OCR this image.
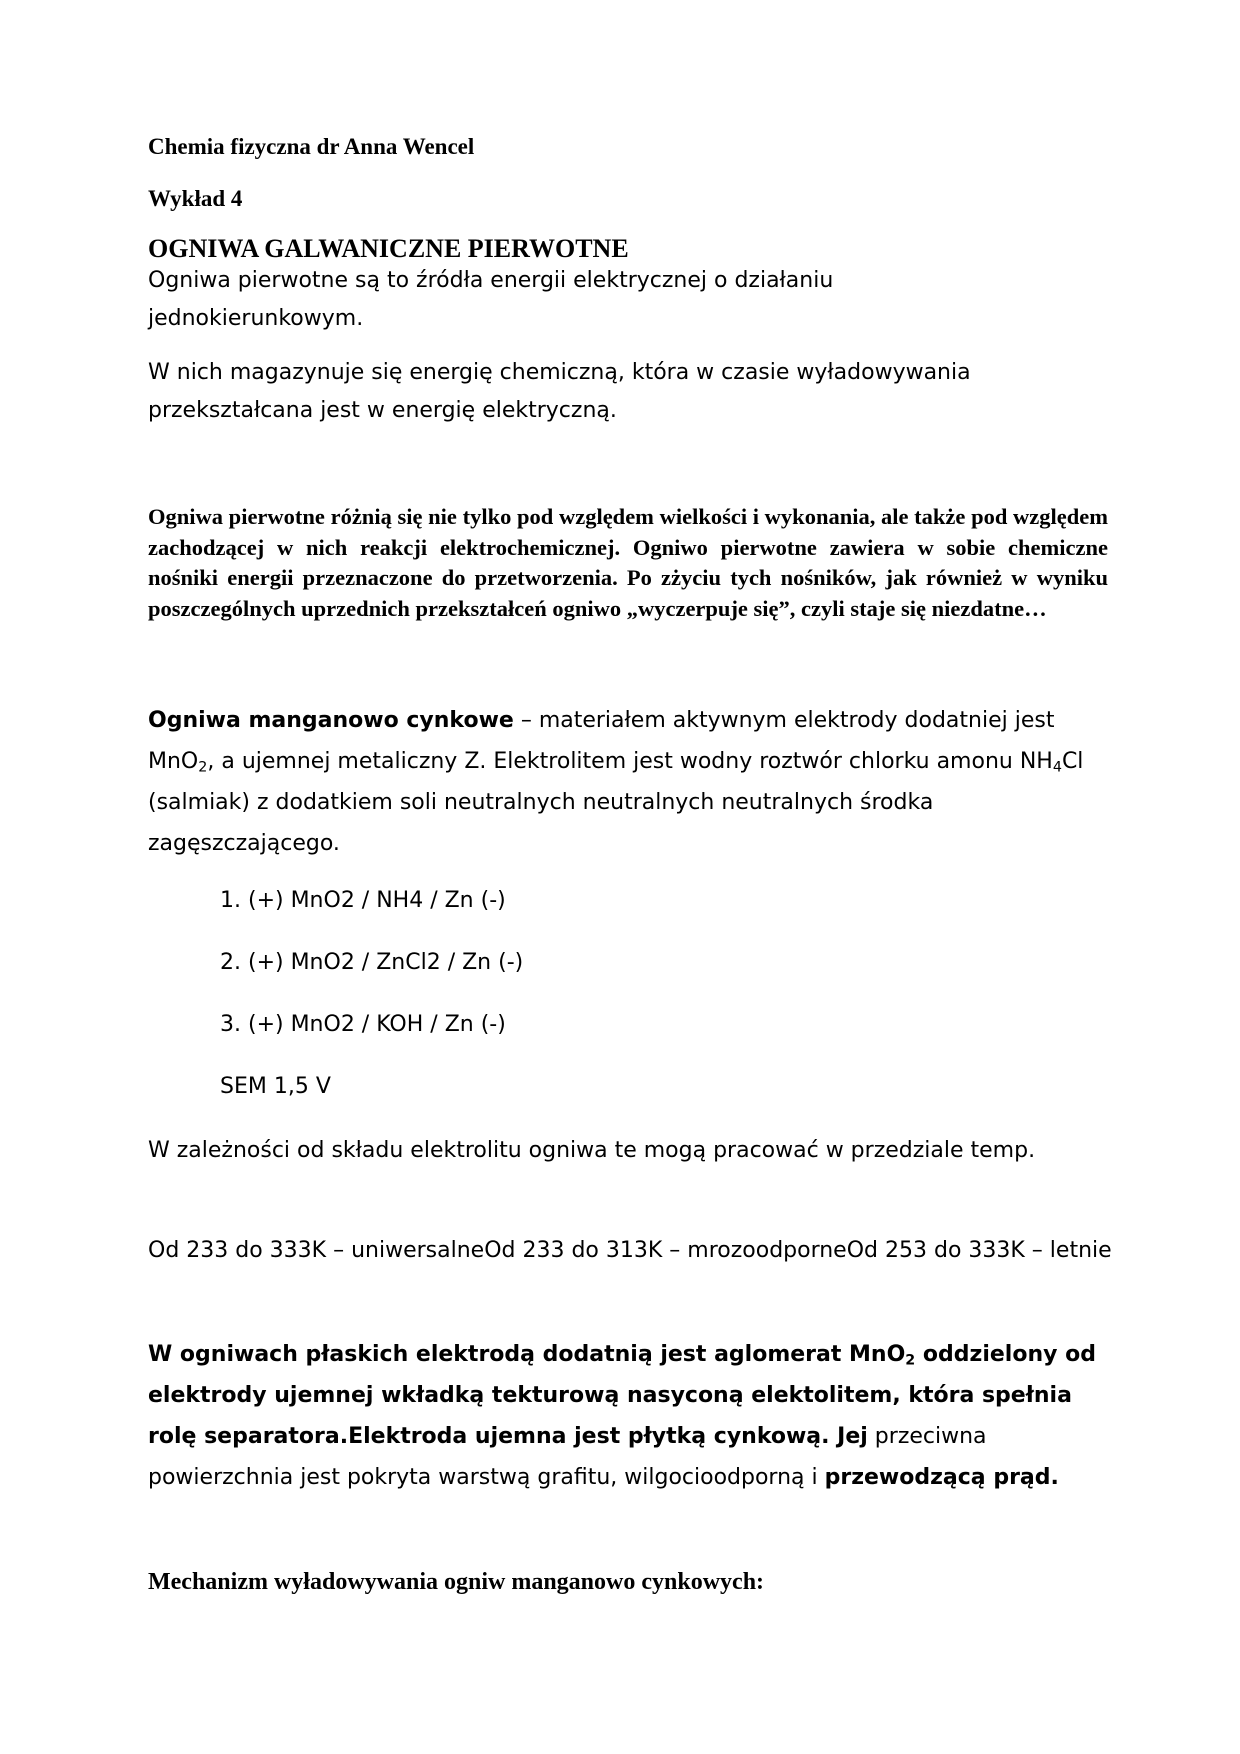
Chemia fizyczna dr Anna Wencel

Wykład 4

OGNIWA GALWANICZNE PIERWOTNE

Ogniwa pierwotne są to źródła energii elektrycznej o działaniu jednokierunkowym.

W nich magazynuje się energię chemiczną, która w czasie wyładowywania przekształcana jest w energię elektryczną.

Ogniwa pierwotne różnią się nie tylko pod względem wielkości i wykonania, ale także pod względem zachodzącej w nich reakcji elektrochemicznej. Ogniwo pierwotne zawiera w sobie chemiczne nośniki energii przeznaczone do przetworzenia. Po zżyciu tych nośników, jak również w wyniku poszczególnych uprzednich przekształceń ogniwo „wyczerpuje się”, czyli staje się niezdatne…

Ogniwa manganowo cynkowe – materiałem aktywnym elektrody dodatniej jest MnO$_2$, a ujemnej metaliczny Z. Elektrolitem jest wodny roztwór chlorku amonu $NH_4Cl$ (salmiak) z dodatkiem soli neutralnych neutralnych neutralnych środka zagęszczającego.

1. (+) MnO2 / NH4 / Zn (-)

2. (+) MnO2 / ZnCl2 / Zn (-)

3. (+) MnO2 / KOH / Zn (-)

SEM 1,5 V

W zależności od składu elektrolitu ogniwa te mogą pracować w przedziale temp.

Od 233 do 333K – uniwersalneOd 233 do 313K – mrozoodporneOd 253 do 333K – letnie

W ogniwach płaskich elektrodą dodatnią jest aglomerat MnO$_2$ oddzielony od elektrody ujemnej wkładką tekturową nasyconą elektolitem, która spełnia rolę separatora.Elektroda ujemna jest płytką cynkową. Jej przeciwna powierzchnia jest pokryta warstwą grafitu, wilgocioodporną i przewodzącą prąd.

Mechanizm wyładowywania ogniw manganowo cynkowych:
